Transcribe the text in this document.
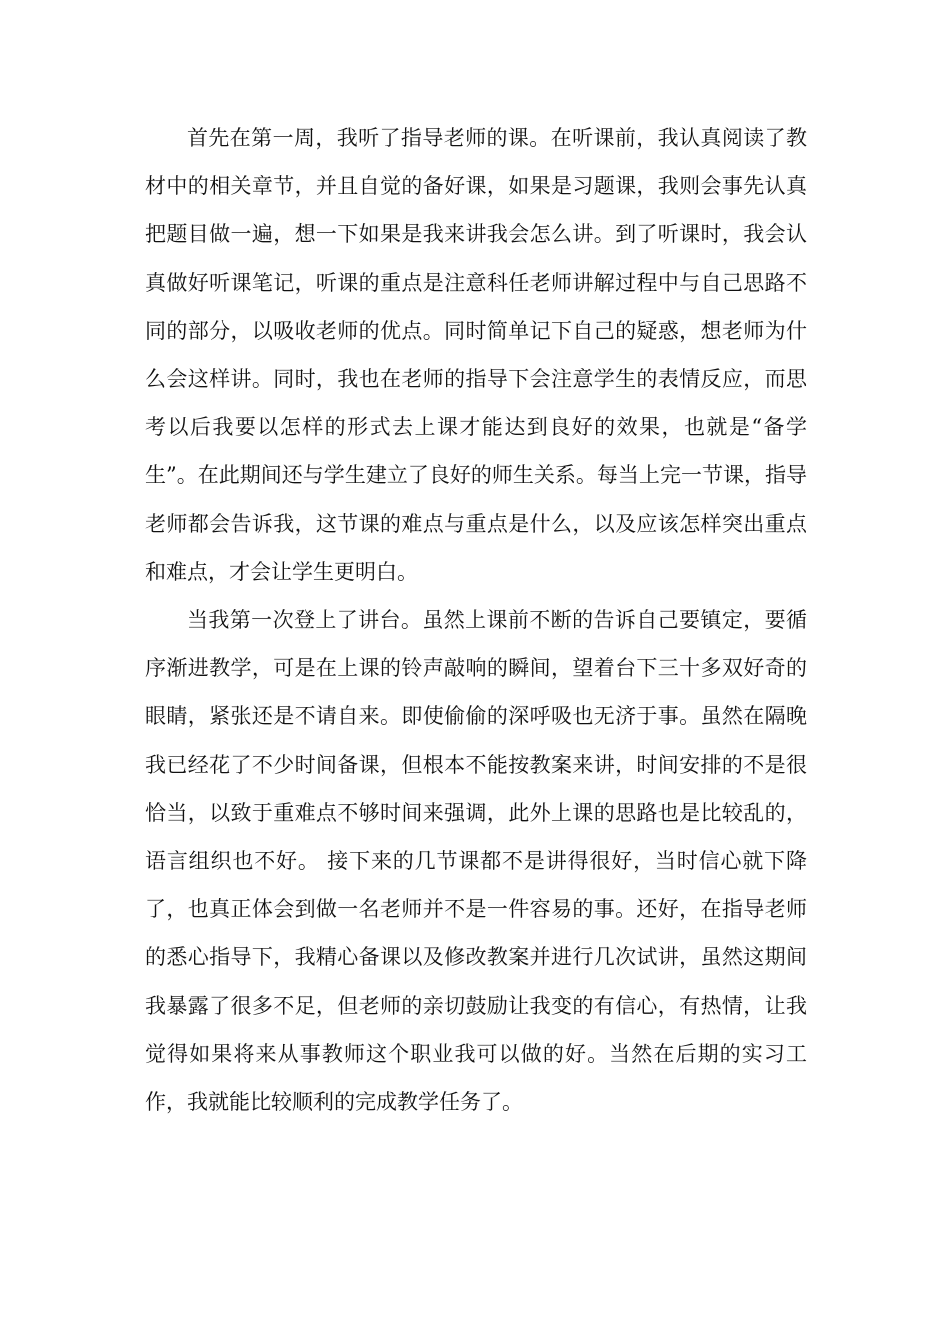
首先在第一周，我听了指导老师的课。在听课前，我认真阅读了教材中的相关章节，并且自觉的备好课，如果是习题课，我则会事先认真把题目做一遍，想一下如果是我来讲我会怎么讲。到了听课时，我会认真做好听课笔记，听课的重点是注意科任老师讲解过程中与自己思路不同的部分，以吸收老师的优点。同时简单记下自己的疑惑，想老师为什么会这样讲。同时，我也在老师的指导下会注意学生的表情反应，而思考以后我要以怎样的形式去上课才能达到良好的效果，也就是“备学生”。在此期间还与学生建立了良好的师生关系。每当上完一节课，指导老师都会告诉我，这节课的难点与重点是什么，以及应该怎样突出重点和难点，才会让学生更明白。

当我第一次登上了讲台。虽然上课前不断的告诉自己要镇定，要循序渐进教学，可是在上课的铃声敲响的瞬间，望着台下三十多双好奇的眼睛，紧张还是不请自来。即使偷偷的深呼吸也无济于事。虽然在隔晚我已经花了不少时间备课，但根本不能按教案来讲，时间安排的不是很恰当，以致于重难点不够时间来强调，此外上课的思路也是比较乱的，语言组织也不好。 接下来的几节课都不是讲得很好，当时信心就下降了，也真正体会到做一名老师并不是一件容易的事。还好，在指导老师的悉心指导下，我精心备课以及修改教案并进行几次试讲，虽然这期间我暴露了很多不足，但老师的亲切鼓励让我变的有信心，有热情，让我觉得如果将来从事教师这个职业我可以做的好。当然在后期的实习工作，我就能比较顺利的完成教学任务了。
